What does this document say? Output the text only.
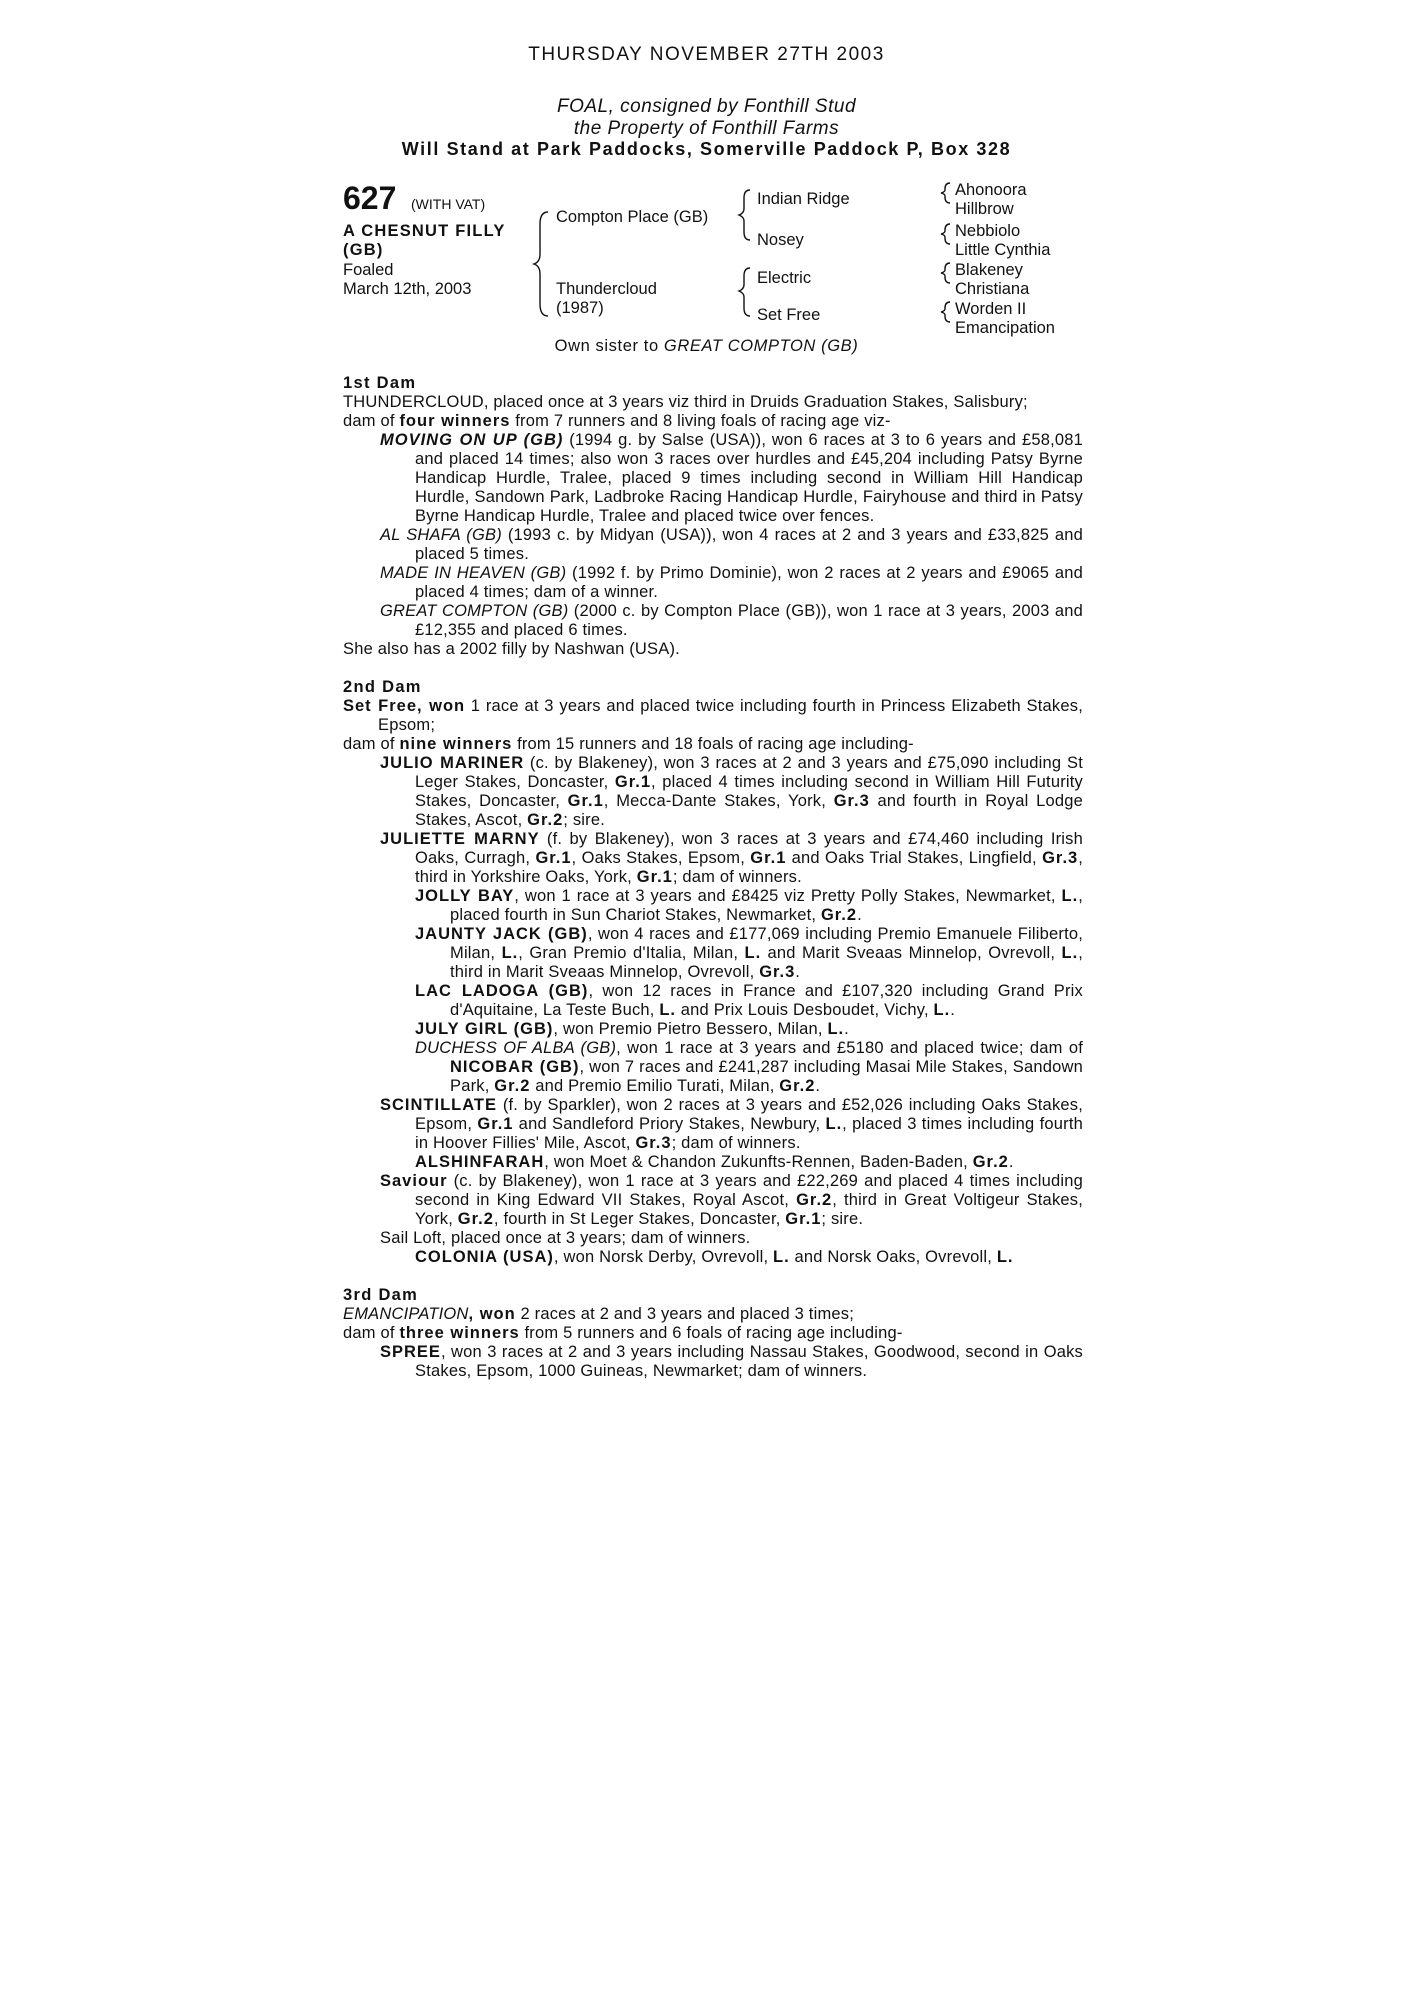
THURSDAY NOVEMBER 27TH 2003
FOAL, consigned by Fonthill Stud
the Property of Fonthill Farms
Will Stand at Park Paddocks, Somerville Paddock P, Box 328
627 (WITH VAT)
A CHESNUT FILLY
(GB)
Foaled
March 12th, 2003
Compton Place (GB)
Thundercloud
(1987)
Indian Ridge
Nosey
Electric
Set Free
Ahonoora
Hillbrow
Nebbiolo
Little Cynthia
Blakeney
Christiana
Worden II
Emancipation
Own sister to GREAT COMPTON (GB)

1st Dam

THUNDERCLOUD, placed once at 3 years viz third in Druids Graduation Stakes, Salisbury;

dam of four winners from 7 runners and 8 living foals of racing age viz-

MOVING ON UP (GB) (1994 g. by Salse (USA)), won 6 races at 3 to 6 years and £58,081 and placed 14 times; also won 3 races over hurdles and £45,204 including Patsy Byrne Handicap Hurdle, Tralee, placed 9 times including second in William Hill Handicap Hurdle, Sandown Park, Ladbroke Racing Handicap Hurdle, Fairyhouse and third in Patsy Byrne Handicap Hurdle, Tralee and placed twice over fences.

AL SHAFA (GB) (1993 c. by Midyan (USA)), won 4 races at 2 and 3 years and £33,825 and placed 5 times.

MADE IN HEAVEN (GB) (1992 f. by Primo Dominie), won 2 races at 2 years and £9065 and placed 4 times; dam of a winner.

GREAT COMPTON (GB) (2000 c. by Compton Place (GB)), won 1 race at 3 years, 2003 and £12,355 and placed 6 times.

She also has a 2002 filly by Nashwan (USA).

2nd Dam

Set Free, won 1 race at 3 years and placed twice including fourth in Princess Elizabeth Stakes, Epsom;

dam of nine winners from 15 runners and 18 foals of racing age including-

JULIO MARINER (c. by Blakeney), won 3 races at 2 and 3 years and £75,090 including St Leger Stakes, Doncaster, Gr.1, placed 4 times including second in William Hill Futurity Stakes, Doncaster, Gr.1, Mecca-Dante Stakes, York, Gr.3 and fourth in Royal Lodge Stakes, Ascot, Gr.2; sire.

JULIETTE MARNY (f. by Blakeney), won 3 races at 3 years and £74,460 including Irish Oaks, Curragh, Gr.1, Oaks Stakes, Epsom, Gr.1 and Oaks Trial Stakes, Lingfield, Gr.3, third in Yorkshire Oaks, York, Gr.1; dam of winners.

JOLLY BAY, won 1 race at 3 years and £8425 viz Pretty Polly Stakes, Newmarket, L., placed fourth in Sun Chariot Stakes, Newmarket, Gr.2.

JAUNTY JACK (GB), won 4 races and £177,069 including Premio Emanuele Filiberto, Milan, L., Gran Premio d'Italia, Milan, L. and Marit Sveaas Minnelop, Ovrevoll, L., third in Marit Sveaas Minnelop, Ovrevoll, Gr.3.

LAC LADOGA (GB), won 12 races in France and £107,320 including Grand Prix d'Aquitaine, La Teste Buch, L. and Prix Louis Desboudet, Vichy, L..

JULY GIRL (GB), won Premio Pietro Bessero, Milan, L..

DUCHESS OF ALBA (GB), won 1 race at 3 years and £5180 and placed twice; dam of NICOBAR (GB), won 7 races and £241,287 including Masai Mile Stakes, Sandown Park, Gr.2 and Premio Emilio Turati, Milan, Gr.2.

SCINTILLATE (f. by Sparkler), won 2 races at 3 years and £52,026 including Oaks Stakes, Epsom, Gr.1 and Sandleford Priory Stakes, Newbury, L., placed 3 times including fourth in Hoover Fillies' Mile, Ascot, Gr.3; dam of winners.

ALSHINFARAH, won Moet & Chandon Zukunfts-Rennen, Baden-Baden, Gr.2.

Saviour (c. by Blakeney), won 1 race at 3 years and £22,269 and placed 4 times including second in King Edward VII Stakes, Royal Ascot, Gr.2, third in Great Voltigeur Stakes, York, Gr.2, fourth in St Leger Stakes, Doncaster, Gr.1; sire.

Sail Loft, placed once at 3 years; dam of winners.

COLONIA (USA), won Norsk Derby, Ovrevoll, L. and Norsk Oaks, Ovrevoll, L.

3rd Dam

EMANCIPATION, won 2 races at 2 and 3 years and placed 3 times;

dam of three winners from 5 runners and 6 foals of racing age including-

SPREE, won 3 races at 2 and 3 years including Nassau Stakes, Goodwood, second in Oaks Stakes, Epsom, 1000 Guineas, Newmarket; dam of winners.
